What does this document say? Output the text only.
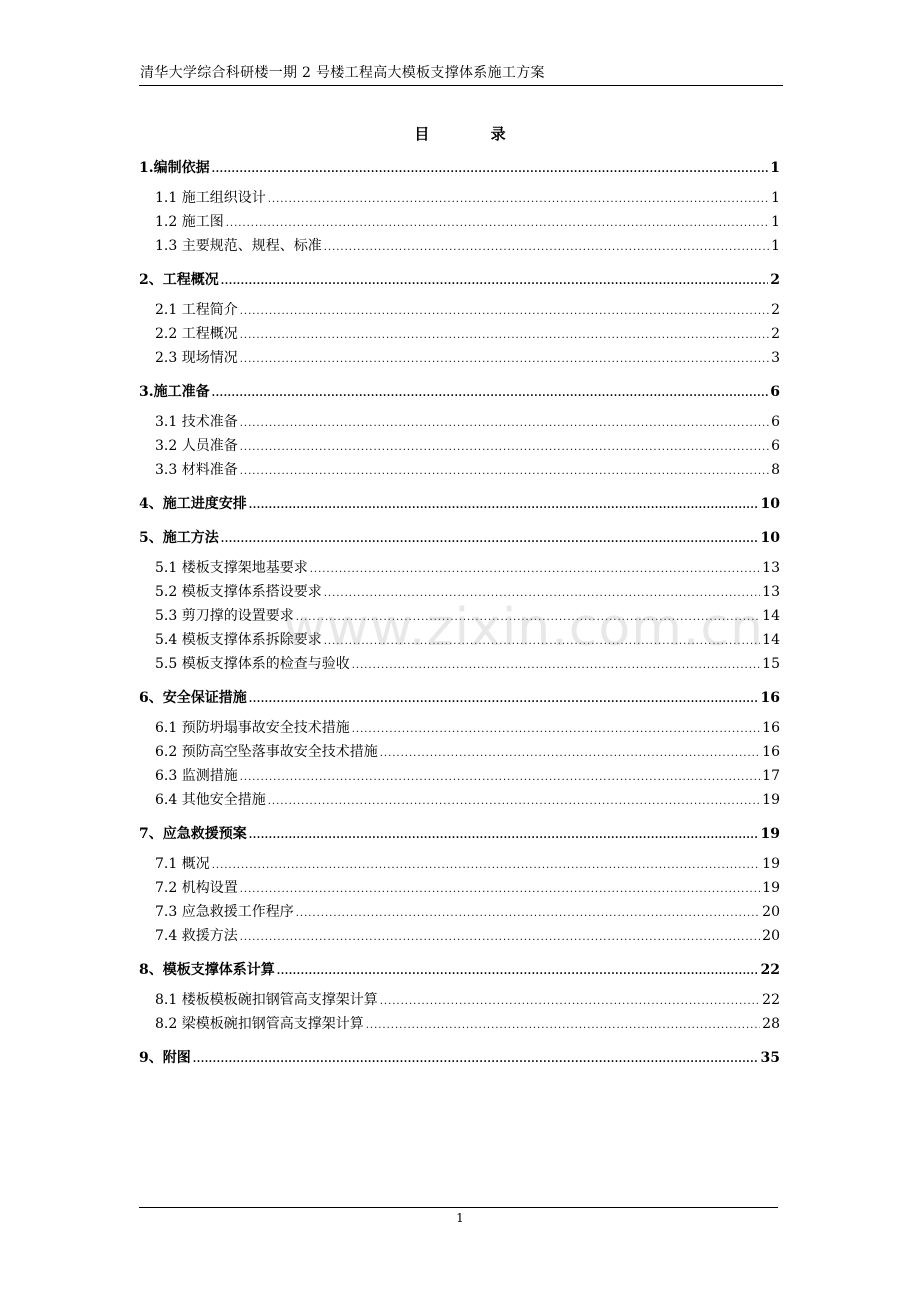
清华大学综合科研楼一期 2 号楼工程高大模板支撑体系施工方案
目 录
1.编制依据 .....	1
1.1 施工组织设计 .....	1
1.2 施工图 .....	1
1.3 主要规范、规程、标准 .....	1
2、工程概况 .....	2
2.1 工程简介 .....	2
2.2 工程概况 .....	2
2.3 现场情况 .....	3
3.施工准备 .....	6
3.1 技术准备 .....	6
3.2 人员准备 .....	6
3.3 材料准备 .....	8
4、施工进度安排 .....	10
5、施工方法 .....	10
5.1 楼板支撑架地基要求 .....	13
5.2 模板支撑体系搭设要求 .....	13
5.3 剪刀撑的设置要求 .....	14
5.4 模板支撑体系拆除要求 .....	14
5.5 模板支撑体系的检查与验收 .....	15
6、安全保证措施 .....	16
6.1 预防坍塌事故安全技术措施 .....	16
6.2 预防高空坠落事故安全技术措施 .....	16
6.3 监测措施 .....	17
6.4 其他安全措施 .....	19
7、应急救援预案 .....	19
7.1 概况 .....	19
7.2 机构设置 .....	19
7.3 应急救援工作程序 .....	20
7.4 救援方法 .....	20
8、模板支撑体系计算 .....	22
8.1 楼板模板碗扣钢管高支撑架计算 .....	22
8.2 梁模板碗扣钢管高支撑架计算 .....	28
9、附图 .....	35
www.zixin.com.cn
1
